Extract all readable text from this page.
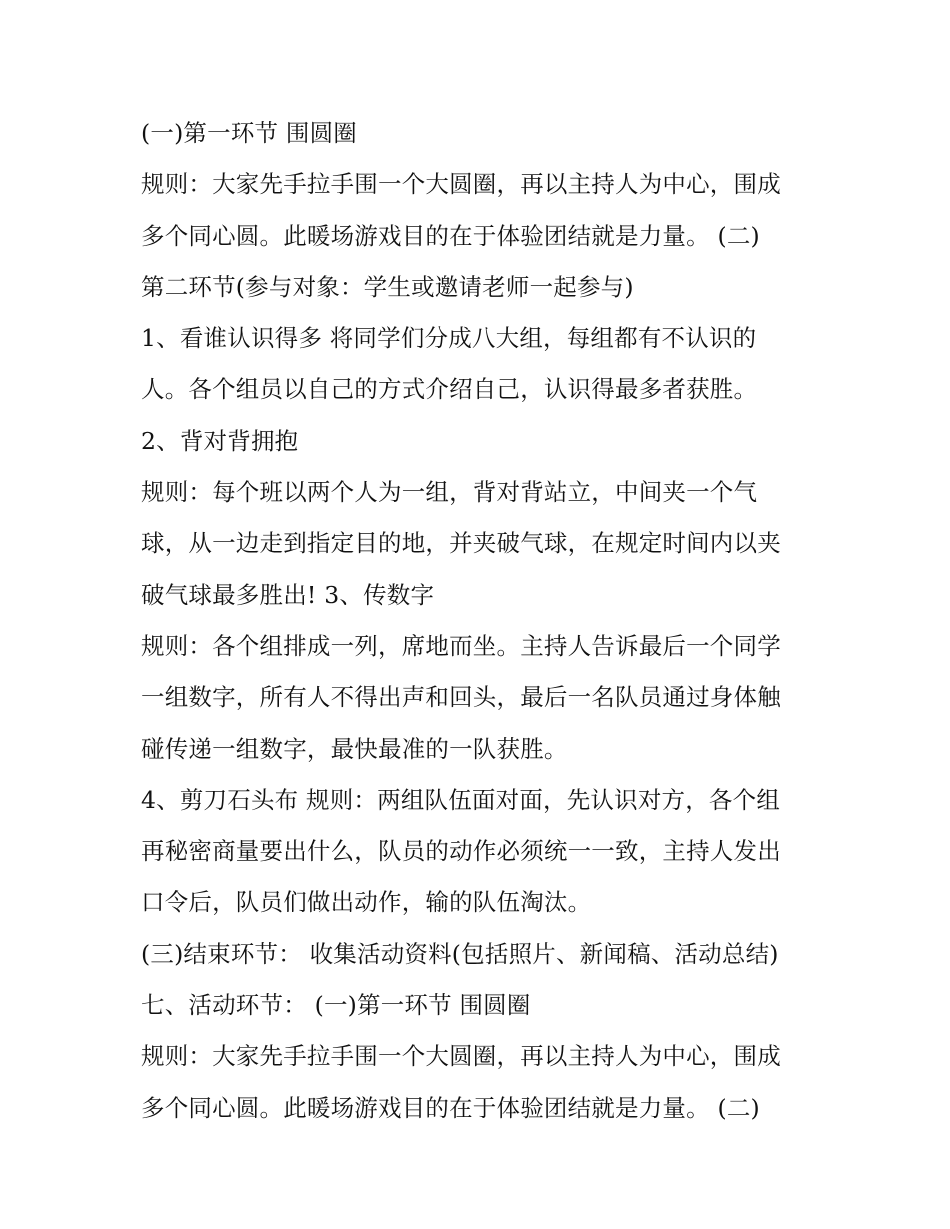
(一)第一环节 围圆圈
规则：大家先手拉手围一个大圆圈，再以主持人为中心，围成
多个同心圆。此暖场游戏目的在于体验团结就是力量。 (二)
第二环节(参与对象：学生或邀请老师一起参与)
1、看谁认识得多 将同学们分成八大组，每组都有不认识的
人。各个组员以自己的方式介绍自己，认识得最多者获胜。
2、背对背拥抱
规则：每个班以两个人为一组，背对背站立，中间夹一个气
球，从一边走到指定目的地，并夹破气球，在规定时间内以夹
破气球最多胜出! 3、传数字
规则：各个组排成一列，席地而坐。主持人告诉最后一个同学
一组数字，所有人不得出声和回头，最后一名队员通过身体触
碰传递一组数字，最快最准的一队获胜。
4、剪刀石头布 规则：两组队伍面对面，先认识对方，各个组
再秘密商量要出什么，队员的动作必须统一一致，主持人发出
口令后，队员们做出动作，输的队伍淘汰。
(三)结束环节： 收集活动资料(包括照片、新闻稿、活动总结)
七、活动环节： (一)第一环节 围圆圈
规则：大家先手拉手围一个大圆圈，再以主持人为中心，围成
多个同心圆。此暖场游戏目的在于体验团结就是力量。 (二)
